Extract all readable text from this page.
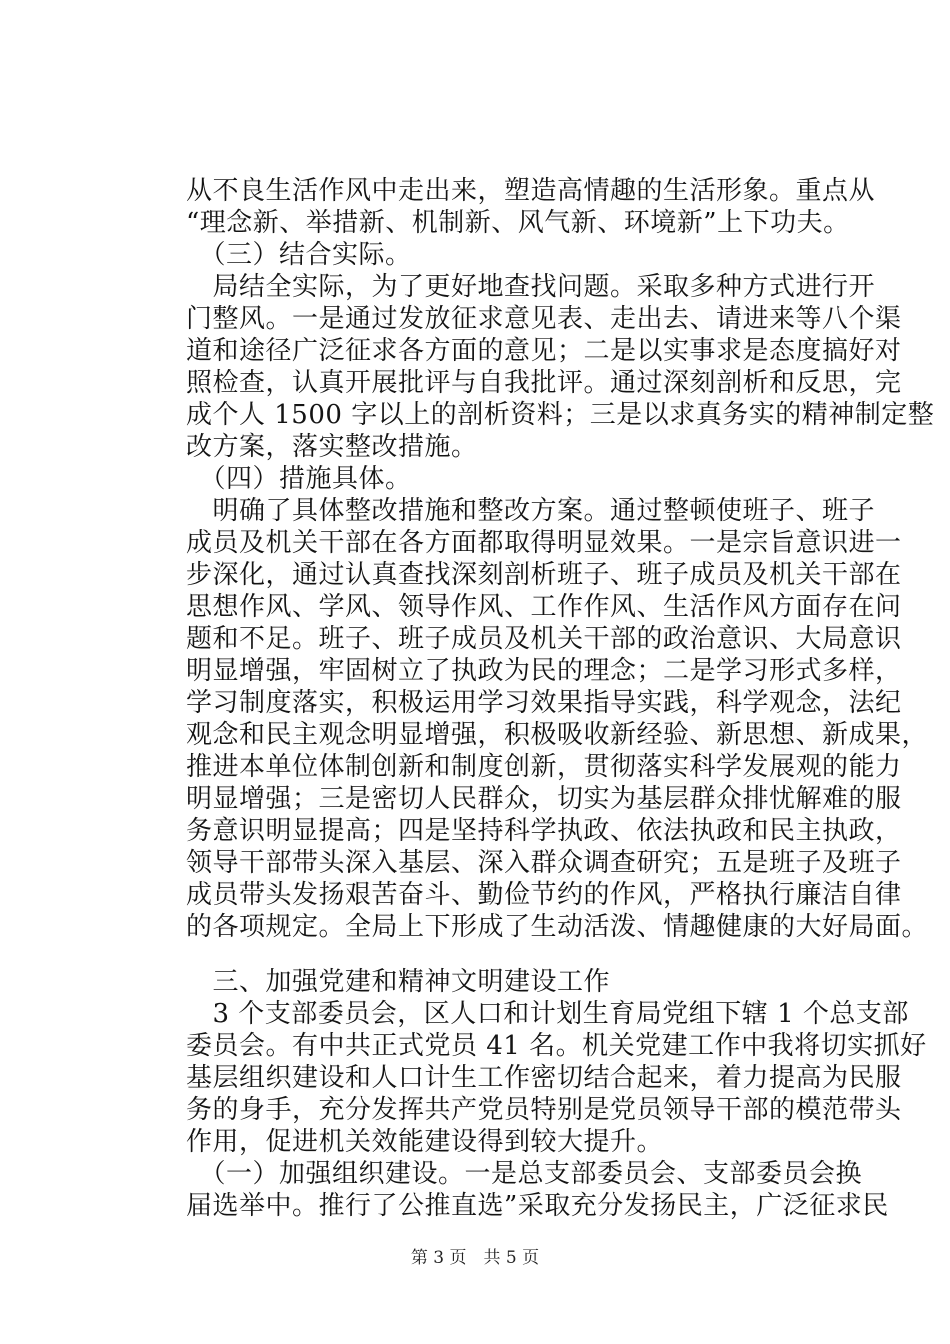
从不良生活作风中走出来，塑造高情趣的生活形象。重点从
“理念新、举措新、机制新、风气新、环境新”上下功夫。
　（三）结合实际。
　局结全实际，为了更好地查找问题。采取多种方式进行开
门整风。一是通过发放征求意见表、走出去、请进来等八个渠
道和途径广泛征求各方面的意见；二是以实事求是态度搞好对
照检查，认真开展批评与自我批评。通过深刻剖析和反思，完
成个人 1500 字以上的剖析资料；三是以求真务实的精神制定整
改方案，落实整改措施。
　（四）措施具体。
　明确了具体整改措施和整改方案。通过整顿使班子、班子
成员及机关干部在各方面都取得明显效果。一是宗旨意识进一
步深化，通过认真查找深刻剖析班子、班子成员及机关干部在
思想作风、学风、领导作风、工作作风、生活作风方面存在问
题和不足。班子、班子成员及机关干部的政治意识、大局意识
明显增强，牢固树立了执政为民的理念；二是学习形式多样，
学习制度落实，积极运用学习效果指导实践，科学观念，法纪
观念和民主观念明显增强，积极吸收新经验、新思想、新成果，
推进本单位体制创新和制度创新，贯彻落实科学发展观的能力
明显增强；三是密切人民群众，切实为基层群众排忧解难的服
务意识明显提高；四是坚持科学执政、依法执政和民主执政，
领导干部带头深入基层、深入群众调查研究；五是班子及班子
成员带头发扬艰苦奋斗、勤俭节约的作风，严格执行廉洁自律
的各项规定。全局上下形成了生动活泼、情趣健康的大好局面。
　三、加强党建和精神文明建设工作
　3 个支部委员会，区人口和计划生育局党组下辖 1 个总支部
委员会。有中共正式党员 41 名。机关党建工作中我将切实抓好
基层组织建设和人口计生工作密切结合起来，着力提高为民服
务的身手，充分发挥共产党员特别是党员领导干部的模范带头
作用，促进机关效能建设得到较大提升。
　（一）加强组织建设。一是总支部委员会、支部委员会换
届选举中。推行了公推直选”采取充分发扬民主，广泛征求民
第 3 页　共 5 页
